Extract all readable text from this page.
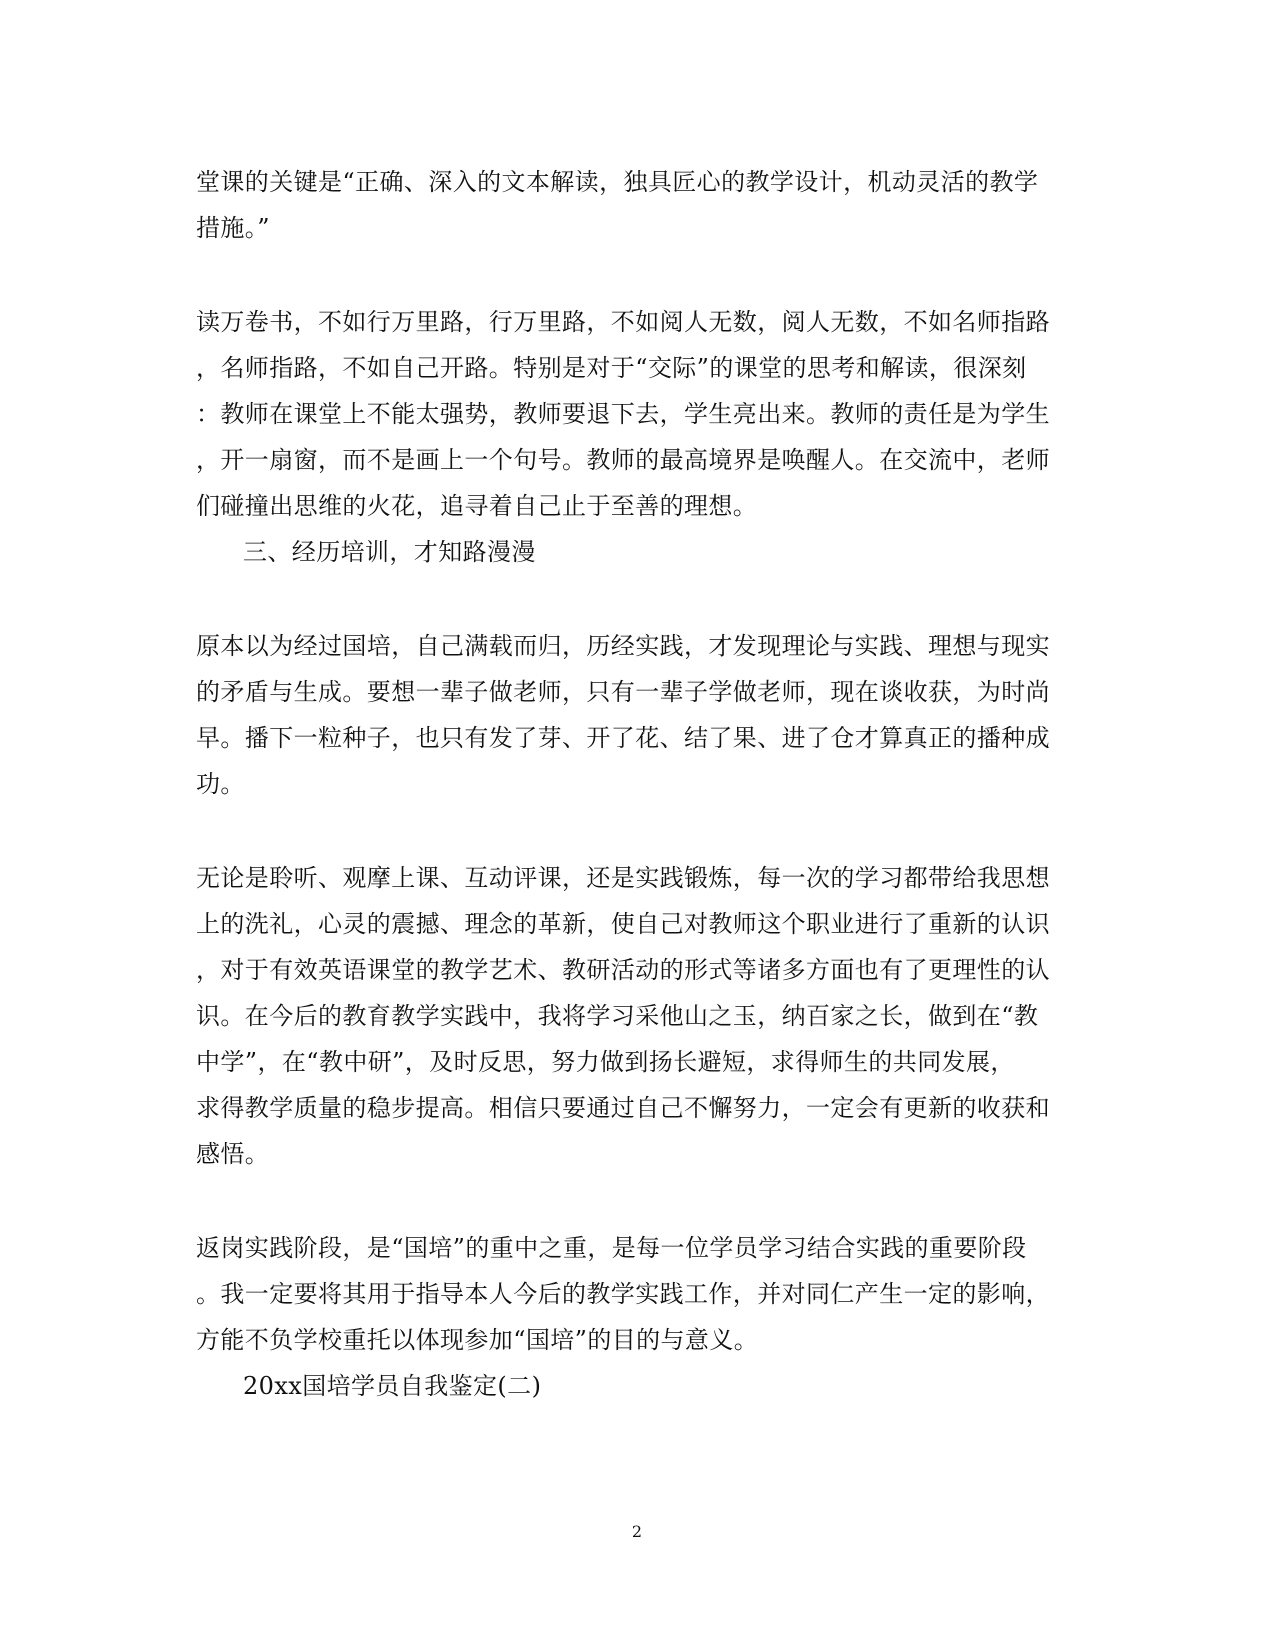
堂课的关键是“正确、深入的文本解读，独具匠心的教学设计，机动灵活的教学
措施。”
读万卷书，不如行万里路，行万里路，不如阅人无数，阅人无数，不如名师指路
，名师指路，不如自己开路。特别是对于“交际”的课堂的思考和解读，很深刻
：教师在课堂上不能太强势，教师要退下去，学生亮出来。教师的责任是为学生
，开一扇窗，而不是画上一个句号。教师的最高境界是唤醒人。在交流中，老师
们碰撞出思维的火花，追寻着自己止于至善的理想。
三、经历培训，才知路漫漫
原本以为经过国培，自己满载而归，历经实践，才发现理论与实践、理想与现实
的矛盾与生成。要想一辈子做老师，只有一辈子学做老师，现在谈收获，为时尚
早。播下一粒种子，也只有发了芽、开了花、结了果、进了仓才算真正的播种成
功。
无论是聆听、观摩上课、互动评课，还是实践锻炼，每一次的学习都带给我思想
上的洗礼，心灵的震撼、理念的革新，使自己对教师这个职业进行了重新的认识
，对于有效英语课堂的教学艺术、教研活动的形式等诸多方面也有了更理性的认
识。在今后的教育教学实践中，我将学习采他山之玉，纳百家之长，做到在“教
中学”，在“教中研”，及时反思，努力做到扬长避短，求得师生的共同发展，
求得教学质量的稳步提高。相信只要通过自己不懈努力，一定会有更新的收获和
感悟。
返岗实践阶段，是“国培”的重中之重，是每一位学员学习结合实践的重要阶段
。我一定要将其用于指导本人今后的教学实践工作，并对同仁产生一定的影响，
方能不负学校重托以体现参加“国培”的目的与意义。
20xx国培学员自我鉴定(二)
2
